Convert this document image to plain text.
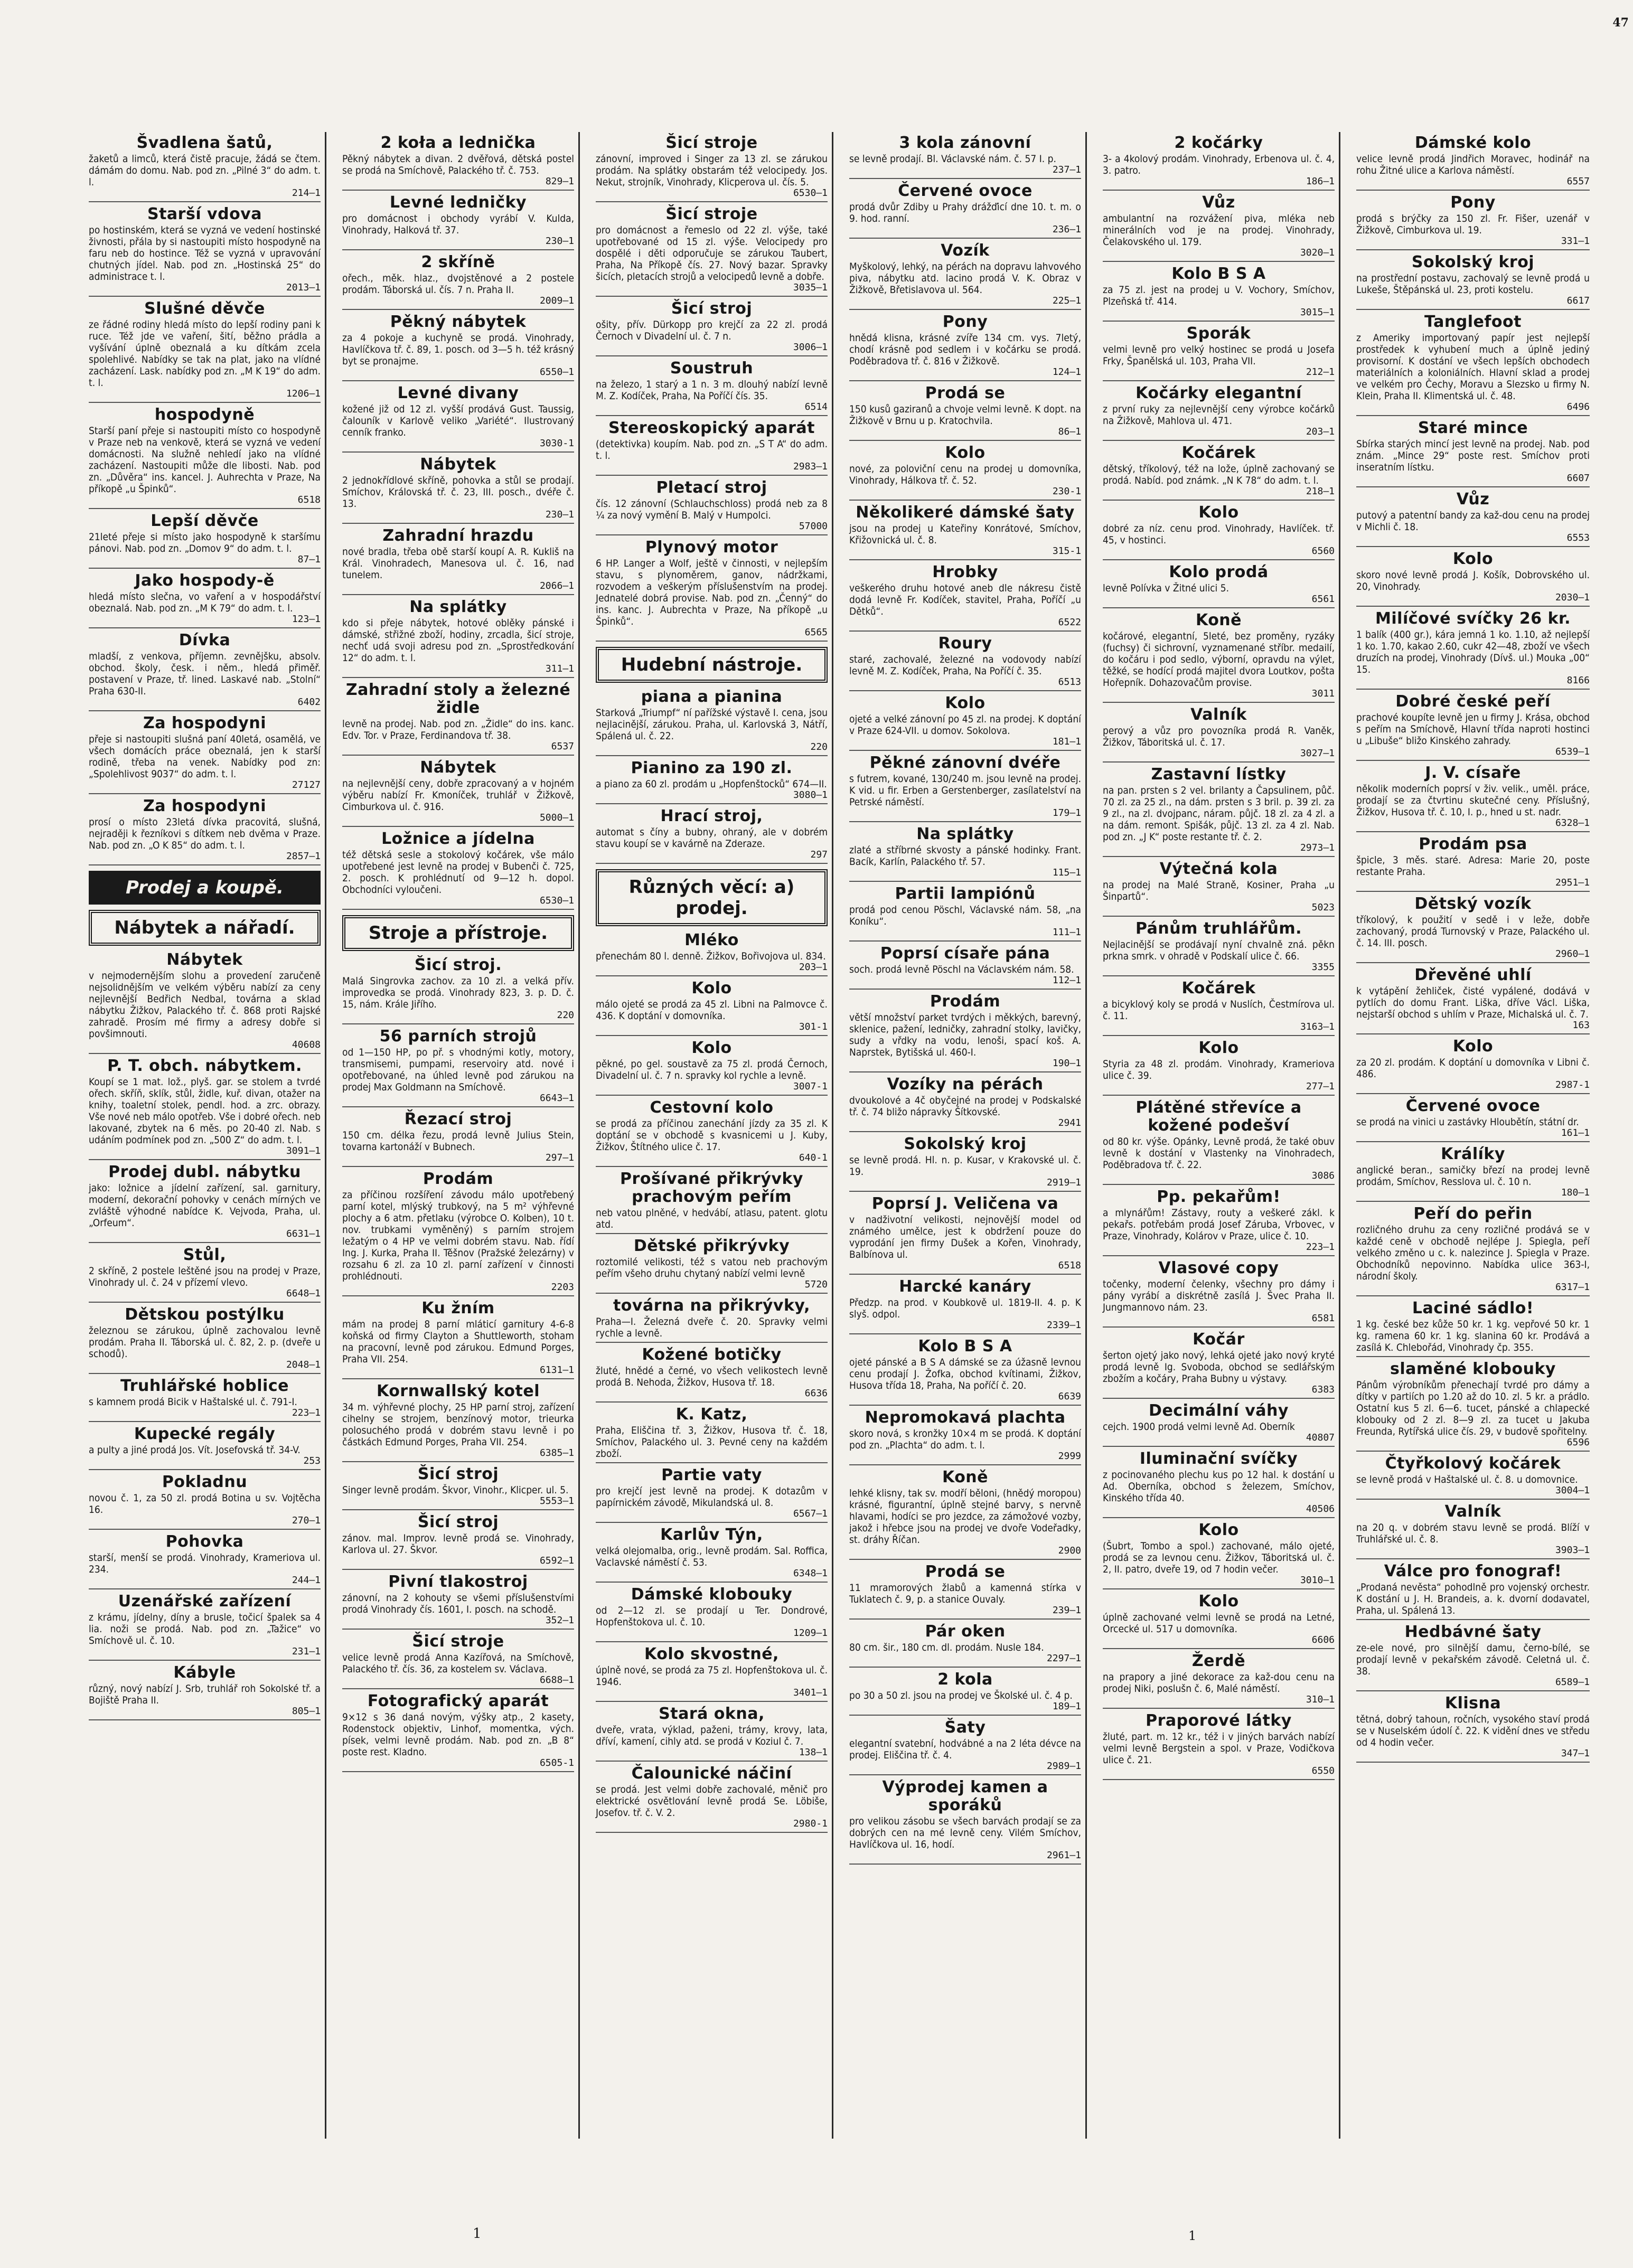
Švadlena šatů,

žaketů a limců, která čistě pracuje, žádá se čtem. dámám do domu. Nab. pod zn. „Pilné 3“ do adm. t. l.

214—1
Starší vdova

po hostinském, která se vyzná ve vedení hostinské živnosti, přála by si nastoupiti místo hospodyně na faru neb do hostince. Též se vyzná v upravování chutných jídel. Nab. pod zn. „Hostinská 25“ do administrace t. l.

2013—1
Slušné děvče

ze řádné rodiny hledá místo do lepší rodiny pani k ruce. Též jde ve vaření, šití, běžno prádla a vyšívání úplně obeznalá a ku dítkám zcela spolehlivé. Nabídky se tak na plat, jako na vlídné zacházení. Lask. nabídky pod zn. „M K 19“ do adm. t. l.

1206—1
hospodyně

Starší paní přeje si nastoupiti místo co hospodyně v Praze neb na venkově, která se vyzná ve vedení domácnosti. Na služně nehledí jako na vlídné zacházení. Nastoupiti může dle libosti. Nab. pod zn. „Důvěra“ ins. kancel. J. Auhrechta v Praze, Na příkopě „u Špinků“.

6518
Lepší děvče

21leté přeje si místo jako hospodyně k staršímu pánovi. Nab. pod zn. „Domov 9“ do adm. t. l.

87—1
Jako hospody-ě

hledá místo slečna, vo vaření a v hospodářství obeznalá. Nab. pod zn. „M K 79“ do adm. t. l.

123—1
Dívka

mladší, z venkova, příjemn. zevnějšku, absolv. obchod. školy, česk. i něm., hledá přiměř. postavení v Praze, tř. lined. Laskavé nab. „Stolní“ Praha 630-II.

6402
Za hospodyni

přeje si nastoupiti slušná paní 40letá, osamělá, ve všech domácích práce obeznalá, jen k starší rodině, třeba na venek. Nabídky pod zn: „Spolehlivost 9037“ do adm. t. l.

27127
Za hospodyni

prosí o místo 23letá dívka pracovitá, slušná, nejraději k řezníkovi s dítkem neb dvěma v Praze. Nab. pod zn. „O K 85“ do adm. t. l.

2857—1
Prodej a koupě.
Nábytek a nářadí.
Nábytek

v nejmodernějším slohu a provedení zaručeně nejsolidnějším ve velkém výběru nabízí za ceny nejlevnější Bedřich Nedbal, továrna a sklad nábytku Žižkov, Palackého tř. č. 868 proti Rajské zahradě. Prosím mé firmy a adresy dobře si povšimnouti.

40608
P. T. obch. nábytkem.

Koupí se 1 mat. lož., plyš. gar. se stolem a tvrdé ořech. skříň, sklík, stůl, židle, kuř. divan, otažer na knihy, toaletní stolek, pendl. hod. a zrc. obrazy. Vše nové neb málo opotřeb. Vše i dobré ořech. neb lakované, zbytek na 6 měs. po 20-40 zl. Nab. s udáním podmínek pod zn. „500 Z“ do adm. t. l.

3091—1
Prodej dubl. nábytku

jako: ložnice a jídelní zařízení, sal. garnitury, moderní, dekorační pohovky v cenách mírných ve zvláště výhodné nabídce K. Vejvoda, Praha, ul. „Orfeum“.

6631—1
Stůl,

2 skříně, 2 postele leštěné jsou na prodej v Praze, Vinohrady ul. č. 24 v přízemí vlevo.

6648—1
Dětskou postýlku

železnou se zárukou, úplně zachovalou levně prodám. Praha II. Táborská ul. č. 82, 2. p. (dveře u schodů).

2048—1
Truhlářské hoblice

s kamnem prodá Bicik v Haštalské ul. č. 791-I.

223—1
Kupecké regály

a pulty a jiné prodá Jos. Vít. Josefovská tř. 34-V.

253
Pokladnu

novou č. 1, za 50 zl. prodá Botina u sv. Vojtěcha 16.

270—1
Pohovka

starší, menší se prodá. Vinohrady, Krameriova ul. 234.

244—1
Uzenářské zařízení

z krámu, jídelny, díny a brusle, točicí špalek sa 4 lia. noži se prodá. Nab. pod zn. „Tažice“ vo Smíchově ul. č. 10.

231—1
Kábyle

různý, nový nabízí J. Srb, truhlář roh Sokolské tř. a Bojiště Praha II.

805—1
2 koła a lednička

Pěkný nábytek a divan. 2 dvěřová, dětská postel se prodá na Smíchově, Palackého tř. č. 753.

829—1
Levné ledničky

pro domácnost i obchody vyrábí V. Kulda, Vinohrady, Halková tř. 37.

230—1
2 skříně

ořech., měk. hlaz., dvojstěnové a 2 postele prodám. Táborská ul. čís. 7 n. Praha II.

2009—1
Pěkný nábytek

za 4 pokoje a kuchyně se prodá. Vinohrady, Havlíčkova tř. č. 89, 1. posch. od 3—5 h. též krásný byt se pronajme.

6550—1
Levné divany

kožené již od 12 zl. vyšší prodává Gust. Taussig, čalouník v Karlově veliko „Variété“. Ilustrovaný cenník franko.

3030-1
Nábytek

2 jednokřídlové skříně, pohovka a stůl se prodají. Smíchov, Královská tř. č. 23, III. posch., dvéře č. 13.

230—1
Zahradní hrazdu

nové bradla, třeba obě starší koupí A. R. Kukliš na Král. Vinohradech, Manesova ul. č. 16, nad tunelem.

2066—1
Na splátky

kdo si přeje nábytek, hotové oblěky pánské i dámské, střižné zboží, hodiny, zrcadla, šicí stroje, nechť udá svoji adresu pod zn. „Sprostředkování 12“ do adm. t. l.

311—1
Zahradní stoly a železné židle

levně na prodej. Nab. pod zn. „Židle“ do ins. kanc. Edv. Tor. v Praze, Ferdinandova tř. 38.

6537
Nábytek

na nejlevnější ceny, dobře zpracovaný a v hojném výběru nabízí Fr. Kmoníček, truhlář v Žižkově, Cimburkova ul. č. 916.

5000—1
Ložnice a jídelna

též dětská sesle a stokolový kočárek, vše málo upotřebené jest levně na prodej v Bubenči č. 725, 2. posch. K prohlédnutí od 9—12 h. dopol. Obchodníci vyloučeni.

6530—1
Stroje a přístroje.
Šicí stroj.

Malá Singrovka zachov. za 10 zl. a velká přív. improvedka se prodá. Vinohrady 823, 3. p. D. č. 15, nám. Krále Jiřího.

220
56 parních strojů

od 1—150 HP, po př. s vhodnými kotly, motory, transmisemi, pumpami, reservoiry atd. nové i opotřebované, na úhled levně pod zárukou na prodej Max Goldmann na Smíchově.

6643—1
Řezací stroj

150 cm. délka řezu, prodá levně Julius Stein, tovarna kartonáží v Bubnech.

297—1
Prodám

za příčinou rozšíření závodu málo upotřebený parní kotel, mlýský trubkový, na 5 m² výhřevné plochy a 6 atm. přetlaku (výrobce O. Kolben), 10 t. nov. trubkami vyměněný) s parním strojem ležatým o 4 HP ve velmi dobrém stavu. Nab. řídí Ing. J. Kurka, Praha II. Těšnov (Pražské železárny) v rozsahu 6 zl. za 10 zl. parní zařízení v činnosti prohlédnouti.

2203
Ku žním

mám na prodej 8 parní mláticí garnitury 4-6-8 koňská od firmy Clayton a Shuttleworth, stoham na pracovní, levně pod zárukou. Edmund Porges, Praha VII. 254.

6131—1
Kornwallský kotel

34 m. výhřevné plochy, 25 HP parní stroj, zařízení cihelny se strojem, benzínový motor, trieurka polosuchého prodá v dobrém stavu levně i po částkách Edmund Porges, Praha VII. 254.

6385—1
Šicí stroj

Singer levně prodám. Škvor, Vinohr., Klicper. ul. 5.

5553—1
Šicí stroj

zánov. mal. Improv. levně prodá se. Vinohrady, Karlova ul. 27. Škvor.

6592—1
Pivní tlakostroj

zánovní, na 2 kohouty se všemi příslušenstvími prodá Vinohrady čís. 1601, I. posch. na schodě.

352—1
Šicí stroje

velice levně prodá Anna Kazířová, na Smíchově, Palackého tř. čís. 36, za kostelem sv. Václava.

6688—1
Fotografický aparát

9×12 s 36 daná novým, výšky atp., 2 kasety, Rodenstock objektiv, Linhof, momentka, vých. písek, velmi levně prodám. Nab. pod zn. „B 8“ poste rest. Kladno.

6505-1
Šicí stroje

zánovní, improved i Singer za 13 zl. se zárukou prodám. Na splátky obstarám též velocipedy. Jos. Nekut, strojník, Vinohrady, Klicperova ul. čís. 5.

6530—1
Šicí stroje

pro domácnost a řemeslo od 22 zl. výše, také upotřebované od 15 zl. výše. Velocipedy pro dospělé i děti odporučuje se zárukou Taubert, Praha, Na Příkopě čís. 27. Nový bazar. Spravky šicích, pletacích strojů a velocipedů levně a dobře.

3035—1
Šicí stroj

ošity, přív. Dürkopp pro krejčí za 22 zl. prodá Černoch v Divadelní ul. č. 7 n.

3006—1
Soustruh

na železo, 1 starý a 1 n. 3 m. dlouhý nabízí levně M. Z. Kodíček, Praha, Na Poříčí čís. 35.

6514
Stereoskopický aparát

(detektivka) koupím. Nab. pod zn. „S T A“ do adm. t. l.

2983—1
Pletací stroj

čís. 12 zánovní (Schlauchschloss) prodá neb za 8 ¼ za nový vymění B. Malý v Humpolci.

57000
Plynový motor

6 HP. Langer a Wolf, ještě v činnosti, v nejlepším stavu, s plynoměrem, ganov, nádržkami, rozvodem a veškerým příslušenstvím na prodej. Jednatelé dobrá provise. Nab. pod zn. „Čenný“ do ins. kanc. J. Aubrechta v Praze, Na příkopě „u Špinků“.

6565
Hudební nástroje.
piana a pianina

Starková „Triumpf“ ní pařížské výstavě I. cena, jsou nejlacinější, zárukou. Praha, ul. Karlovská 3, Nátří, Spálená ul. č. 22.

220
Pianino za 190 zl.

a piano za 60 zl. prodám u „Hopfenštocků“ 674—II.

3080—1
Hrací stroj,

automat s číny a bubny, ohraný, ale v dobrém stavu koupí se v kavárně na Zderaze.

297
Různých věcí: a) prodej.
Mléko

přenechám 80 l. denně. Žižkov, Bořivojova ul. 834.

203—1
Kolo

málo ojeté se prodá za 45 zl. Libni na Palmovce č. 436. K doptání v domovníka.

301-1
Kolo

pěkné, po gel. soustavě za 75 zl. prodá Černoch, Divadelní ul. č. 7 n. spravky kol rychle a levně.

3007-1
Cestovní kolo

se prodá za příčinou zanechání jízdy za 35 zl. K doptání se v obchodě s kvasnicemi u J. Kuby, Žižkov, Štítného ulice č. 17.

640-1
Prošívané přikrývky prachovým peřím

neb vatou plněné, v hedvábí, atlasu, patent. glotu atd.

Dětské přikrývky

roztomilé velikosti, též s vatou neb prachovým peřím všeho druhu chytaný nabízí velmi levně

5720
továrna na přikrývky,

Praha—I. Železná dveře č. 20. Spravky velmi rychle a levně.

Kožené botičky

žluté, hnědé a černé, vo všech velikostech levně prodá B. Nehoda, Žižkov, Husova tř. 18.

6636
K. Katz,

Praha, Eliščina tř. 3, Žižkov, Husova tř. č. 18, Smíchov, Palackého ul. 3. Pevné ceny na každém zboží.

Partie vaty

pro krejčí jest levně na prodej. K dotazům v papírnickém závodě, Mikulandská ul. 8.

6567—1
Karlův Týn,

velká olejomalba, orig., levně prodám. Sal. Roffica, Vaclavské náměstí č. 53.

6348—1
Dámské klobouky

od 2—12 zl. se prodají u Ter. Dondrové, Hopfenštokova ul. č. 10.

1209—1
Kolo skvostné,

úplně nové, se prodá za 75 zl. Hopfenštokova ul. č. 1946.

3401—1
Stará okna,

dveře, vrata, výklad, paženi, trámy, krovy, lata, dříví, kamení, cihly atd. se prodá v Koziul č. 7.

138—1
Čalounické náčiní

se prodá. Jest velmi dobře zachovalé, měnič pro elektrické osvětlování levně prodá Se. Löbiše, Josefov. tř. č. V. 2.

2980-1
3 kola zánovní

se levně prodají. Bl. Václavské nám. č. 57 I. p.

237—1
Červené ovoce

prodá dvůr Zdiby u Prahy drážďicí dne 10. t. m. o 9. hod. ranní.

236—1
Vozík

Myškolový, lehký, na pérách na dopravu lahvového piva, nábytku atd. lacino prodá V. K. Obraz v Žižkově, Břetislavova ul. 564.

225—1
Pony

hnědá klisna, krásné zvíře 134 cm. vys. 7letý, chodí krásně pod sedlem i v kočárku se prodá. Poděbradova tř. č. 816 v Žižkově.

124—1
Prodá se

150 kusů gaziranů a chvoje velmi levně. K dopt. na Žižkově v Brnu u p. Kratochvila.

86—1
Kolo

nové, za poloviční cenu na prodej u domovníka, Vinohrady, Hálkova tř. č. 52.

230-1
Několikeré dámské šaty

jsou na prodej u Kateřiny Konrátové, Smíchov, Křižovnická ul. č. 8.

315-1
Hrobky

veškerého druhu hotové aneb dle nákresu čistě dodá levně Fr. Kodíček, stavitel, Praha, Poříčí „u Dětků“.

6522
Roury

staré, zachovalé, železné na vodovody nabízí levně M. Z. Kodíček, Praha, Na Poříčí č. 35.

6513
Kolo

ojeté a velké zánovní po 45 zl. na prodej. K doptání v Praze 624-VII. u domov. Sokolova.

181—1
Pěkné zánovní dvéře

s futrem, kované, 130/240 m. jsou levně na prodej. K vid. u fir. Erben a Gerstenberger, zasílatelství na Petrské náměstí.

179—1
Na splátky

zlaté a stříbrné skvosty a pánské hodinky. Frant. Bacík, Karlín, Palackého tř. 57.

115—1
Partii lampiónů

prodá pod cenou Pöschl, Václavské nám. 58, „na Koníku“.

111—1
Poprsí císaře pána

soch. prodá levně Pöschl na Václavském nám. 58.

112—1
Prodám

větší množství parket tvrdých i měkkých, barevný, sklenice, pažení, ledničky, zahradní stolky, lavičky, sudy a vřdky na vodu, lenoši, spací koš. A. Naprstek, Bytišská ul. 460-I.

190—1
Vozíky na pérách

dvoukolové a 4č obyčejné na prodej v Podskalské tř. č. 74 bližo nápravky Šítkovské.

2941
Sokolský kroj

se levně prodá. Hl. n. p. Kusar, v Krakovské ul. č. 19.

2919—1
Poprsí J. Veličena va

v nadživotní velikosti, nejnovější model od známého umělce, jest k obdržení pouze do vyprodání jen firmy Dušek a Kořen, Vinohrady, Balbínova ul.

6518
Harcké kanáry

Předzp. na prod. v Koubkově ul. 1819-II. 4. p. K slyš. odpol.

2339—1
Kolo B S A

ojeté pánské a B S A dámské se za úžasně levnou cenu prodají J. Žofka, obchod kvítinami, Žižkov, Husova třída 18, Praha, Na poříčí č. 20.

6639
Nepromokavá plachta

skoro nová, s kronžky 10×4 m se prodá. K doptání pod zn. „Plachta“ do adm. t. l.

2999
Koně

lehké klisny, tak sv. modří běloni, (hnědý moropou) krásné, figurantní, úplně stejné barvy, s nervně hlavami, hodíci se pro jezdce, za zámožové vozby, jakož i hřebce jsou na prodej ve dvoře Vodeřadky, st. dráhy Říčan.

2900
Prodá se

11 mramorových žlabů a kamenná stírka v Tuklatech č. 9, p. a stanice Ouvaly.

239—1
Pár oken

80 cm. šir., 180 cm. dl. prodám. Nusle 184.

2297—1
2 kola

po 30 a 50 zl. jsou na prodej ve Školské ul. č. 4 p.

189—1
Šaty

elegantní svatební, hodvábné a na 2 léta dévce na prodej. Eliščina tř. č. 4.

2989—1
Výprodej kamen a sporáků

pro velikou zásobu se všech barvách prodají se za dobrých cen na mé levně ceny. Vilém Smíchov, Havlíčkova ul. 16, hodí.

2961—1
2 kočárky

3- a 4kolový prodám. Vinohrady, Erbenova ul. č. 4, 3. patro.

186—1
Vůz

ambulantní na rozvážení piva, mléka neb minerálních vod je na prodej. Vinohrady, Čelakovského ul. 179.

3020—1
Kolo B S A

za 75 zl. jest na prodej u V. Vochory, Smíchov, Plzeňská tř. 414.

3015—1
Sporák

velmi levně pro velký hostinec se prodá u Josefa Frky, Španělská ul. 103, Praha VII.

212—1
Kočárky elegantní

z první ruky za nejlevnější ceny výrobce kočárků na Žižkově, Mahlova ul. 471.

203—1
Kočárek

dětský, tříkolový, též na lože, úplně zachovaný se prodá. Nabíd. pod známk. „N K 78“ do adm. t. l.

218—1
Kolo

dobré za níz. cenu prod. Vinohrady, Havlíček. tř. 45, v hostinci.

6560
Kolo prodá

levně Polívka v Žitné ulici 5.

6561
Koně

kočárové, elegantní, 5leté, bez proměny, ryzáky (fuchsy) či sichrovní, vyznamenané stříbr. medailí, do kočáru i pod sedlo, výborní, opravdu na výlet, těžké, se hodící prodá majitel dvora Loutkov, pošta Hořepník. Dohazovačům provise.

3011
Valník

perový a vůz pro povozníka prodá R. Vaněk, Žižkov, Táboritská ul. č. 17.

3027—1
Zastavní lístky

na pan. prsten s 2 vel. brilanty a Čapsulinem, půč. 70 zl. za 25 zl., na dám. prsten s 3 bril. p. 39 zl. za 9 zl., na zl. dvojpanc, náram. půjč. 18 zl. za 4 zl. a na dám. remont. Spišák, půjč. 13 zl. za 4 zl. Nab. pod zn. „J K“ poste restante tř. č. 2.

2973—1
Výtečná kola

na prodej na Malé Straně, Kosiner, Praha „u Šinpartů“.

5023
Pánům truhlářům.

Nejlacinější se prodávají nyní chvalně zná. pěkn prkna smrk. v ohradě v Podskalí ulice č. 66.

3355
Kočárek

a bicyklový koly se prodá v Nuslích, Čestmírova ul. č. 11.

3163—1
Kolo

Styria za 48 zl. prodám. Vinohrady, Krameriova ulice č. 39.

277—1
Plátěné střevíce a kožené podešví

od 80 kr. výše. Opánky, Levně prodá, že také obuv levně k dostání v Vlastenky na Vinohradech, Poděbradova tř. č. 22.

3086
Pp. pekařům!

a mlynářům! Zástavy, routy a veškeré zákl. k pekařs. potřebám prodá Josef Záruba, Vrbovec, v Praze, Vinohrady, Kolárov v Praze, ulice č. 10.

223—1
Vlasové copy

točenky, moderní čelenky, všechny pro dámy i pány vyrábí a diskrétně zasílá J. Švec Praha II. Jungmannovo nám. 23.

6581
Kočár

šerton ojetý jako nový, lehká ojeté jako nový kryté prodá levně Ig. Svoboda, obchod se sedlářským zbožím a kočáry, Praha Bubny u výstavy.

6383
Decimální váhy

cejch. 1900 prodá velmi levně Ad. Oberník

40807
Iluminační svíčky

z pocinovaného plechu kus po 12 hal. k dostání u Ad. Oberníka, obchod s železem, Smíchov, Kinského třída 40.

40506
Kolo

(Šubrt, Tombo a spol.) zachované, málo ojeté, prodá se za levnou cenu. Žižkov, Táboritská ul. č. 2, II. patro, dveře 19, od 7 hodin večer.

3010—1
Kolo

úplně zachované velmi levně se prodá na Letné, Orcecké ul. 517 u domovníka.

6606
Žerdě

na prapory a jiné dekorace za kaž-dou cenu na prodej Niki, poslušn č. 6, Malé náměstí.

310—1
Praporové látky

žluté, part. m. 12 kr., též i v jiných barvách nabízí velmi levně Bergstein a spol. v Praze, Vodičkova ulice č. 21.

6550
Dámské kolo

velice levně prodá Jindřich Moravec, hodinář na rohu Žitné ulice a Karlova náměstí.

6557
Pony

prodá s brýčky za 150 zl. Fr. Fišer, uzenář v Žižkově, Cimburkova ul. 19.

331—1
Sokolský kroj

na prostřední postavu, zachovalý se levně prodá u Lukeše, Štěpánská ul. 23, proti kostelu.

6617
Tanglefoot

z Ameriky importovaný papír jest nejlepší prostředek k vyhubení much a úplně jediný provisorní. K dostání ve všech lepších obchodech materiálních a koloniálních. Hlavní sklad a prodej ve velkém pro Čechy, Moravu a Slezsko u firmy N. Klein, Praha II. Klimentská ul. č. 48.

6496
Staré mince

Sbírka starých mincí jest levně na prodej. Nab. pod znám. „Mince 29“ poste rest. Smíchov proti inseratním lístku.

6607
Vůz

putový a patentní bandy za kaž-dou cenu na prodej v Michli č. 18.

6553
Kolo

skoro nové levně prodá J. Košík, Dobrovského ul. 20, Vinohrady.

2030—1
Milíčové svíčky 26 kr.

1 balík (400 gr.), kára jemná 1 ko. 1.10, až nejlepší 1 ko. 1.70, kakao 2.60, cukr 42—48, zboží ve všech druzích na prodej, Vinohrady (Dívš. ul.) Mouka „00“ 15.

8166
Dobré české peří

prachové koupíte levně jen u firmy J. Krása, obchod s peřím na Smíchově, Hlavní třída naproti hostinci u „Libuše“ bližo Kinského zahrady.

6539—1
J. V. císaře

několik moderních poprsí v živ. velik., uměl. práce, prodají se za čtvrtinu skutečné ceny. Příslušný, Žižkov, Husova tř. č. 10, I. p., hned u st. nadr.

6328—1
Prodám psa

špicle, 3 měs. staré. Adresa: Marie 20, poste restante Praha.

2951—1
Dětský vozík

tříkolový, k použití v sedě i v leže, dobře zachovaný, prodá Turnovský v Praze, Palackého ul. č. 14. III. posch.

2960—1
Dřevěné uhlí

k vytápění žehliček, čisté vypálené, dodává v pytlích do domu Frant. Liška, dříve Václ. Liška, nejstarší obchod s uhlím v Praze, Michalská ul. č. 7.

163
Kolo

za 20 zl. prodám. K doptání u domovníka v Libni č. 486.

2987-1
Červené ovoce

se prodá na vinici u zastávky Hloubětín, státní dr.

161—1
Králíky

anglické beran., samičky březí na prodej levně prodám, Smíchov, Resslova ul. č. 10 n.

180—1
Peří do peřin

rozličného druhu za ceny rozličné prodává se v každé ceně v obchodě nejlépe J. Spiegla, peří velkého změno u c. k. nalezince J. Spiegla v Praze. Obchodníků nepovinno. Nabídka ulice 363-I, národní školy.

6317—1
Laciné sádlo!

1 kg. české bez kůže 50 kr. 1 kg. vepřové 50 kr. 1 kg. ramena 60 kr. 1 kg. slanina 60 kr. Prodává a zasílá K. Chlebořád, Vinohrady čp. 355.

slaměné klobouky

Pánům výrobníkům přenechají tvrdé pro dámy a dítky v partiích po 1.20 až do 10. zl. 5 kr. a prádlo. Ostatní kus 5 zl. 6—6. tucet, pánské a chlapecké klobouky od 2 zl. 8—9 zl. za tucet u Jakuba Freunda, Rytířská ulice čís. 29, v budově spořitelny.

6596
Čtyřkolový kočárek

se levně prodá v Haštalské ul. č. 8. u domovnice.

3004—1
Valník

na 20 q. v dobrém stavu levně se prodá. Blíží v Truhlářské ul. č. 8.

3903—1
Válce pro fonograf!

„Prodaná nevěsta“ pohodlně pro vojenský orchestr. K dostání u J. H. Brandeis, a. k. dvorní dodavatel, Praha, ul. Spálená 13.

Hedbávné šaty

ze-ele nové, pro silnější damu, černo-bílé, se prodají levně v pekařském závodě. Celetná ul. č. 38.

6589—1
Klisna

tětná, dobrý tahoun, ročních, vysokého staví prodá se v Nuselském údolí č. 22. K vidění dnes ve středu od 4 hodin večer.

347—1
1	1
47
